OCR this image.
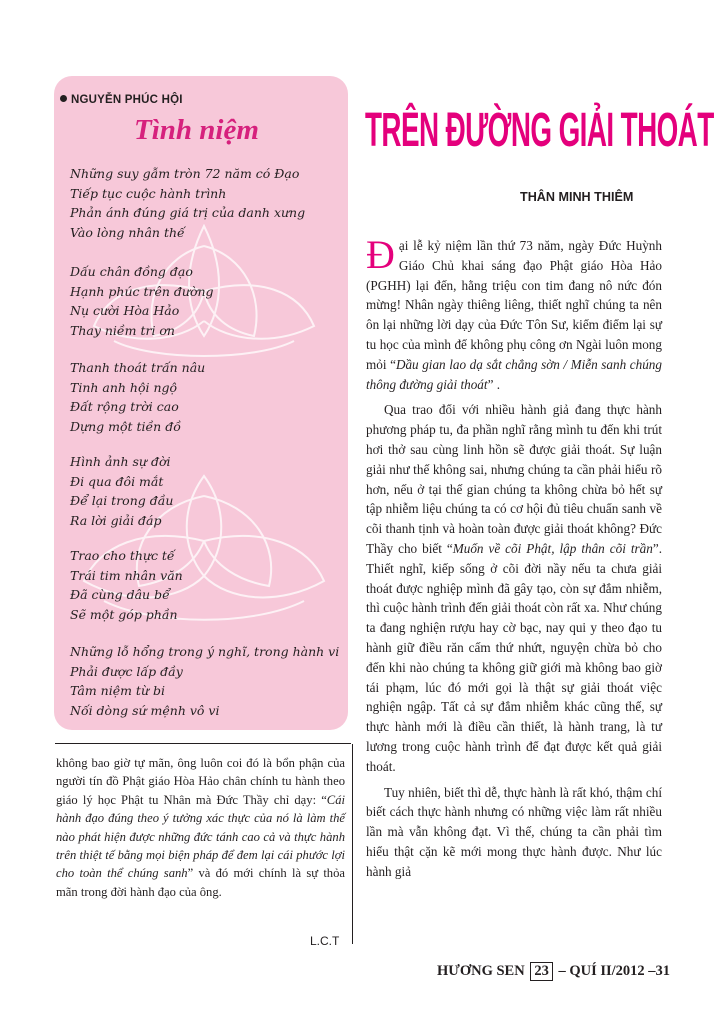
NGUYỄN PHÚC HỘI
Tình niệm
Những suy gẫm tròn 72 năm có Đạo
Tiếp tục cuộc hành trình
Phản ánh đúng giá trị của danh xưng
Vào lòng nhân thế
Dấu chân đồng đạo
Hạnh phúc trên đường
Nụ cười Hòa Hảo
Thay niềm tri ơn
Thanh thoát trấn nâu
Tinh anh hội ngộ
Đất rộng trời cao
Dựng một tiền đồ
Hình ảnh sự đời
Đi qua đôi mắt
Để lại trong đầu
Ra lời giải đáp
Trao cho thực tế
Trái tim nhân văn
Đã cùng dâu bể
Sẽ một góp phần
Những lỗ hổng trong ý nghĩ, trong hành vi
Phải được lấp đầy
Tâm niệm từ bi
Nối dòng sứ mệnh vô vi
không bao giờ tự mãn, ông luôn coi đó là bổn phận của người tín đồ Phật giáo Hòa Hảo chân chính tu hành theo giáo lý học Phật tu Nhân mà Đức Thầy chỉ dạy: “Cái hành đạo đúng theo ý tưởng xác thực của nó là làm thế nào phát hiện được những đức tánh cao cả và thực hành trên thiệt tế bằng mọi biện pháp để đem lại cái phước lợi cho toàn thể chúng sanh” và đó mới chính là sự thỏa mãn trong đời hành đạo của ông.
L.C.T
TRÊN ĐƯỜNG GIẢI THOÁT
THÂN MINH THIÊM

Đại lễ kỷ niệm lần thứ 73 năm, ngày Đức Huỳnh Giáo Chủ khai sáng đạo Phật giáo Hòa Hảo (PGHH) lại đến, hằng triệu con tim đang nô nức đón mừng! Nhân ngày thiêng liêng, thiết nghĩ chúng ta nên ôn lại những lời dạy của Đức Tôn Sư, kiểm điểm lại sự tu học của mình để không phụ công ơn Ngài luôn mong mỏi “Dầu gian lao dạ sắt chẳng sờn / Miễn sanh chúng thông đường giải thoát” .

Qua trao đổi với nhiều hành giả đang thực hành phương pháp tu, đa phần nghĩ rằng mình tu đến khi trút hơi thở sau cùng linh hồn sẽ được giải thoát. Sự luận giải như thế không sai, nhưng chúng ta cần phải hiểu rõ hơn, nếu ở tại thế gian chúng ta không chừa bỏ hết sự tập nhiễm liệu chúng ta có cơ hội đủ tiêu chuẩn sanh về cõi thanh tịnh và hoàn toàn được giải thoát không? Đức Thầy cho biết “Muốn về cõi Phật, lập thân cõi trần”. Thiết nghĩ, kiếp sống ở cõi đời nầy nếu ta chưa giải thoát được nghiệp mình đã gây tạo, còn sự đắm nhiễm, thì cuộc hành trình đến giải thoát còn rất xa. Như chúng ta đang nghiện rượu hay cờ bạc, nay qui y theo đạo tu hành giữ điều răn cấm thứ nhứt, nguyện chừa bỏ cho đến khi nào chúng ta không giữ giới mà không bao giờ tái phạm, lúc đó mới gọi là thật sự giải thoát việc nghiện ngập. Tất cả sự đắm nhiễm khác cũng thế, sự thực hành mới là điều cần thiết, là hành trang, là tư lương trong cuộc hành trình để đạt được kết quả giải thoát.

Tuy nhiên, biết thì dễ, thực hành là rất khó, thậm chí biết cách thực hành nhưng có những việc làm rất nhiều lần mà vẫn không đạt. Vì thế, chúng ta cần phải tìm hiểu thật cặn kẽ mới mong thực hành được. Như lúc hành giả

HƯƠNG SEN 23 – QUÍ II/2012 –31
